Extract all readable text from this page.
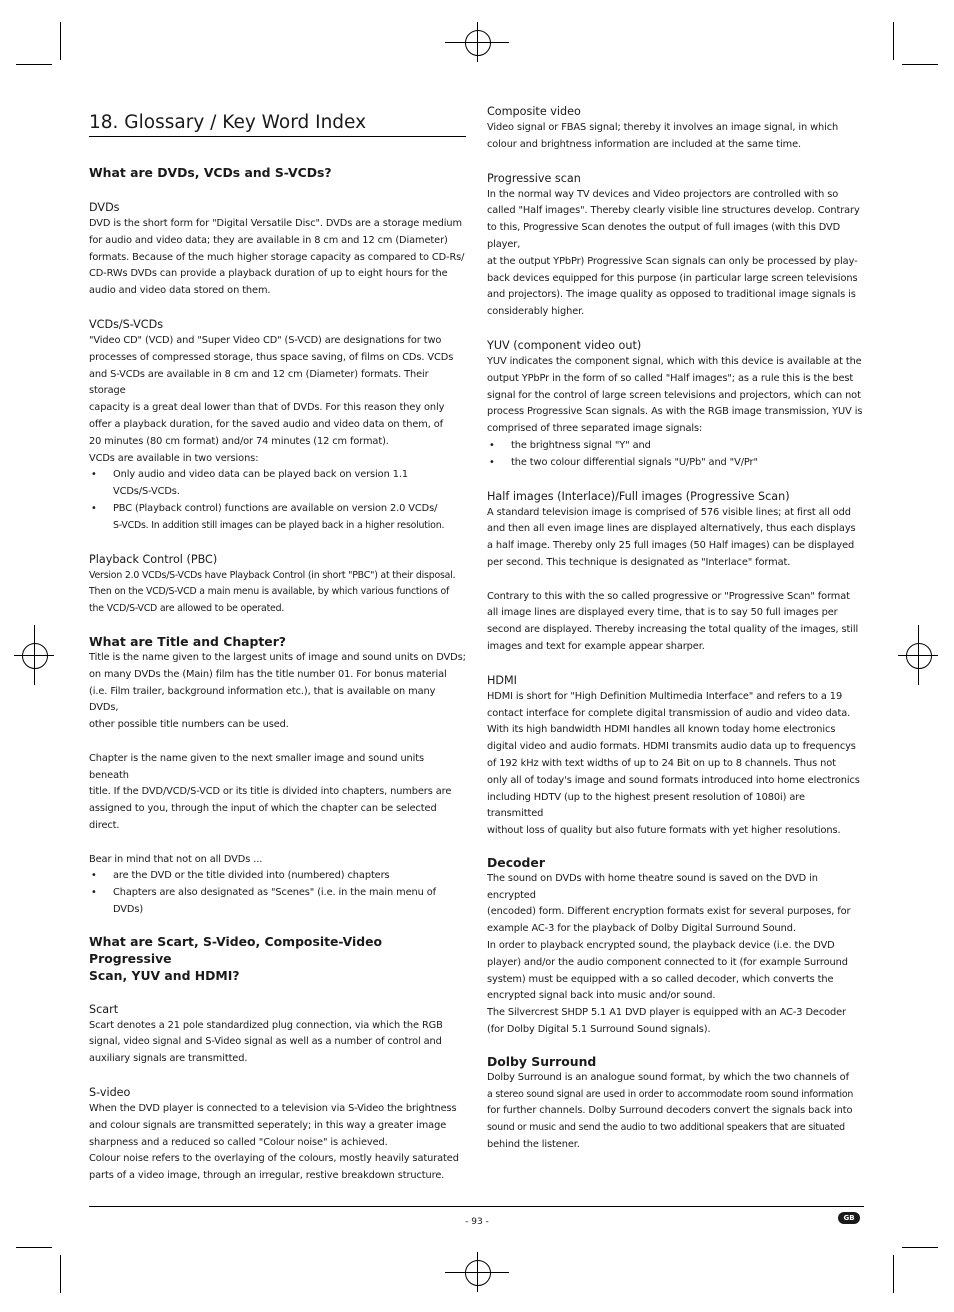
18. Glossary / Key Word Index
What are DVDs, VCDs and S-VCDs?
DVDs
DVD is the short form for "Digital Versatile Disc". DVDs are a storage medium
for audio and video data; they are available in 8 cm and 12 cm (Diameter)
formats. Because of the much higher storage capacity as compared to CD-Rs/
CD-RWs DVDs can provide a playback duration of up to eight hours for the
audio and video data stored on them.
VCDs/S-VCDs
"Video CD" (VCD) and "Super Video CD" (S-VCD) are designations for two
processes of compressed storage, thus space saving, of films on CDs. VCDs
and S-VCDs are available in 8 cm and 12 cm (Diameter) formats. Their storage
capacity is a great deal lower than that of DVDs. For this reason they only
offer a playback duration, for the saved audio and video data on them, of
20 minutes (80 cm format) and/or 74 minutes (12 cm format).
VCDs are available in two versions:
• Only audio and video data can be played back on version 1.1
VCDs/S-VCDs.
• PBC (Playback control) functions are available on version 2.0 VCDs/
S-VCDs. In addition still images can be played back in a higher resolution.
Playback Control (PBC)
Version 2.0 VCDs/S-VCDs have Playback Control (in short "PBC") at their disposal.
Then on the VCD/S-VCD a main menu is available, by which various functions of
the VCD/S-VCD are allowed to be operated.
What are Title and Chapter?
Title is the name given to the largest units of image and sound units on DVDs;
on many DVDs the (Main) film has the title number 01. For bonus material
(i.e. Film trailer, background information etc.), that is available on many DVDs,
other possible title numbers can be used.
Chapter is the name given to the next smaller image and sound units beneath
title. If the DVD/VCD/S-VCD or its title is divided into chapters, numbers are
assigned to you, through the input of which the chapter can be selected direct.
Bear in mind that not on all DVDs ...
• are the DVD or the title divided into (numbered) chapters
• Chapters are also designated as "Scenes" (i.e. in the main menu of DVDs)
What are Scart, S-Video, Composite-Video Progressive
Scan, YUV and HDMI?
Scart
Scart denotes a 21 pole standardized plug connection, via which the RGB
signal, video signal and S-Video signal as well as a number of control and
auxiliary signals are transmitted.
S-video
When the DVD player is connected to a television via S-Video the brightness
and colour signals are transmitted seperately; in this way a greater image
sharpness and a reduced so called "Colour noise" is achieved.
Colour noise refers to the overlaying of the colours, mostly heavily saturated
parts of a video image, through an irregular, restive breakdown structure.
Composite video
Video signal or FBAS signal; thereby it involves an image signal, in which
colour and brightness information are included at the same time.
Progressive scan
In the normal way TV devices and Video projectors are controlled with so
called "Half images". Thereby clearly visible line structures develop. Contrary
to this, Progressive Scan denotes the output of full images (with this DVD player,
at the output YPbPr) Progressive Scan signals can only be processed by play-
back devices equipped for this purpose (in particular large screen televisions
and projectors). The image quality as opposed to traditional image signals is
considerably higher.
YUV (component video out)
YUV indicates the component signal, which with this device is available at the
output YPbPr in the form of so called "Half images"; as a rule this is the best
signal for the control of large screen televisions and projectors, which can not
process Progressive Scan signals. As with the RGB image transmission, YUV is
comprised of three separated image signals:
• the brightness signal "Y" and
• the two colour differential signals "U/Pb" and "V/Pr"
Half images (Interlace)/Full images (Progressive Scan)
A standard television image is comprised of 576 visible lines; at first all odd
and then all even image lines are displayed alternatively, thus each displays
a half image. Thereby only 25 full images (50 Half images) can be displayed
per second. This technique is designated as "Interlace" format.
Contrary to this with the so called progressive or "Progressive Scan" format
all image lines are displayed every time, that is to say 50 full images per
second are displayed. Thereby increasing the total quality of the images, still
images and text for example appear sharper.
HDMI
HDMI is short for "High Definition Multimedia Interface" and refers to a 19
contact interface for complete digital transmission of audio and video data.
With its high bandwidth HDMI handles all known today home electronics
digital video and audio formats. HDMI transmits audio data up to frequencys
of 192 kHz with text widths of up to 24 Bit on up to 8 channels. Thus not
only all of today's image and sound formats introduced into home electronics
including HDTV (up to the highest present resolution of 1080i) are transmitted
without loss of quality but also future formats with yet higher resolutions.
Decoder
The sound on DVDs with home theatre sound is saved on the DVD in encrypted
(encoded) form. Different encryption formats exist for several purposes, for
example AC-3 for the playback of Dolby Digital Surround Sound.
In order to playback encrypted sound, the playback device (i.e. the DVD
player) and/or the audio component connected to it (for example Surround
system) must be equipped with a so called decoder, which converts the
encrypted signal back into music and/or sound.
The Silvercrest SHDP 5.1 A1 DVD player is equipped with an AC-3 Decoder
(for Dolby Digital 5.1 Surround Sound signals).
Dolby Surround
Dolby Surround is an analogue sound format, by which the two channels of
a stereo sound signal are used in order to accommodate room sound information
for further channels. Dolby Surround decoders convert the signals back into
sound or music and send the audio to two additional speakers that are situated
behind the listener.
- 93 -	GB
